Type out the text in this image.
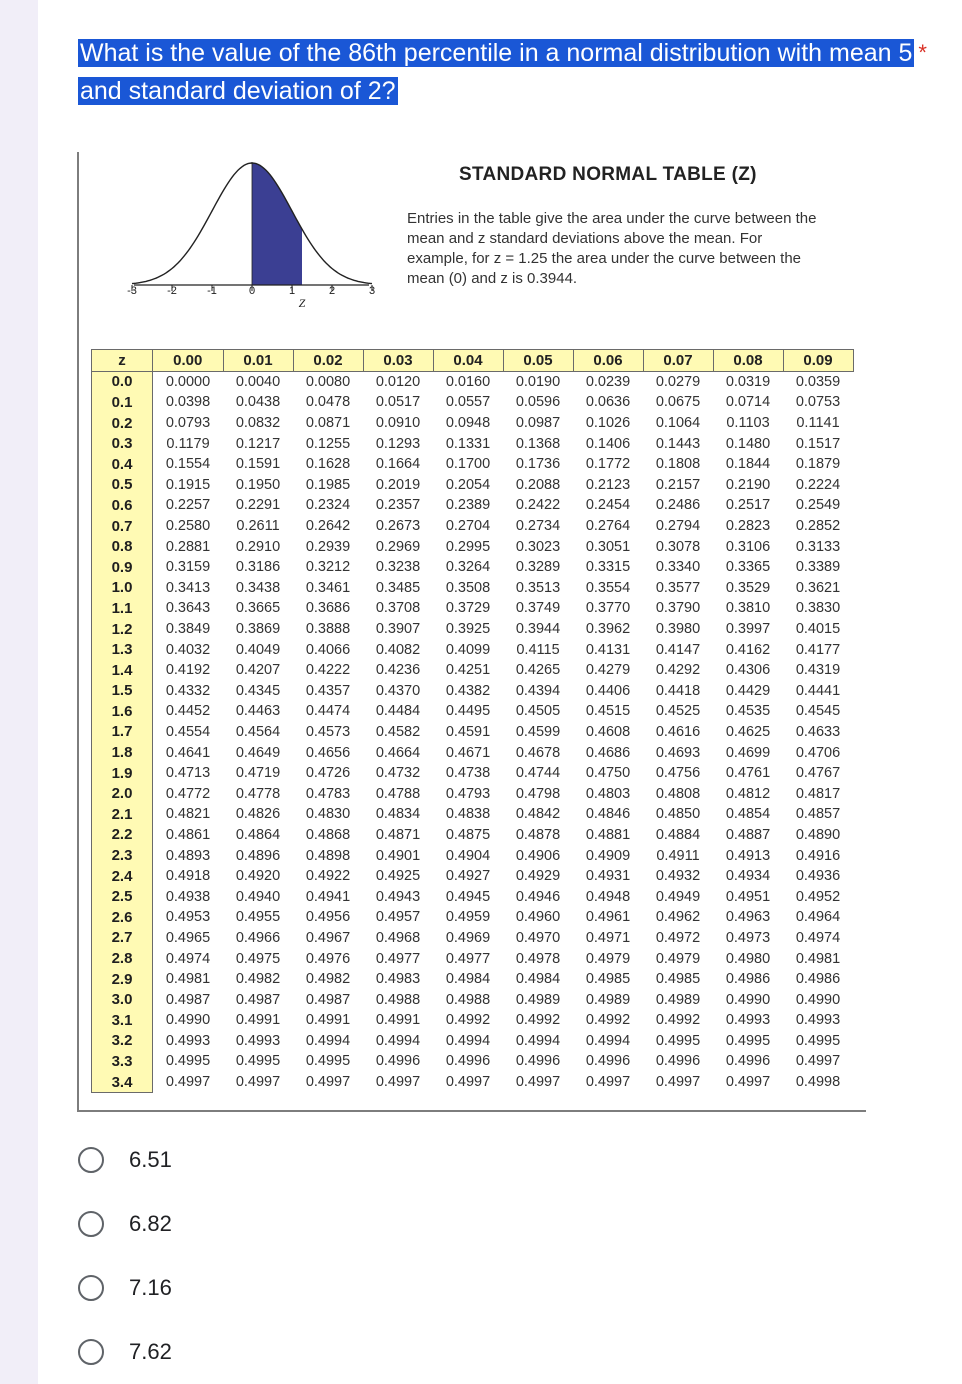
What is the value of the 86th percentile in a normal distribution with mean 5 *
and standard deviation of 2?
-3	-2	-1	0	1	2	3
Z
STANDARD NORMAL TABLE (Z)
Entries in the table give the area under the curve between the mean and z standard deviations above the mean. For example, for z = 1.25 the area under the curve between the mean (0) and z is 0.3944.
z	0.00	0.01	0.02	0.03	0.04	0.05	0.06	0.07	0.08	0.09
0.0	0.0000	0.0040	0.0080	0.0120	0.0160	0.0190	0.0239	0.0279	0.0319	0.0359
0.1	0.0398	0.0438	0.0478	0.0517	0.0557	0.0596	0.0636	0.0675	0.0714	0.0753
0.2	0.0793	0.0832	0.0871	0.0910	0.0948	0.0987	0.1026	0.1064	0.1103	0.1141
0.3	0.1179	0.1217	0.1255	0.1293	0.1331	0.1368	0.1406	0.1443	0.1480	0.1517
0.4	0.1554	0.1591	0.1628	0.1664	0.1700	0.1736	0.1772	0.1808	0.1844	0.1879
0.5	0.1915	0.1950	0.1985	0.2019	0.2054	0.2088	0.2123	0.2157	0.2190	0.2224
0.6	0.2257	0.2291	0.2324	0.2357	0.2389	0.2422	0.2454	0.2486	0.2517	0.2549
0.7	0.2580	0.2611	0.2642	0.2673	0.2704	0.2734	0.2764	0.2794	0.2823	0.2852
0.8	0.2881	0.2910	0.2939	0.2969	0.2995	0.3023	0.3051	0.3078	0.3106	0.3133
0.9	0.3159	0.3186	0.3212	0.3238	0.3264	0.3289	0.3315	0.3340	0.3365	0.3389
1.0	0.3413	0.3438	0.3461	0.3485	0.3508	0.3513	0.3554	0.3577	0.3529	0.3621
1.1	0.3643	0.3665	0.3686	0.3708	0.3729	0.3749	0.3770	0.3790	0.3810	0.3830
1.2	0.3849	0.3869	0.3888	0.3907	0.3925	0.3944	0.3962	0.3980	0.3997	0.4015
1.3	0.4032	0.4049	0.4066	0.4082	0.4099	0.4115	0.4131	0.4147	0.4162	0.4177
1.4	0.4192	0.4207	0.4222	0.4236	0.4251	0.4265	0.4279	0.4292	0.4306	0.4319
1.5	0.4332	0.4345	0.4357	0.4370	0.4382	0.4394	0.4406	0.4418	0.4429	0.4441
1.6	0.4452	0.4463	0.4474	0.4484	0.4495	0.4505	0.4515	0.4525	0.4535	0.4545
1.7	0.4554	0.4564	0.4573	0.4582	0.4591	0.4599	0.4608	0.4616	0.4625	0.4633
1.8	0.4641	0.4649	0.4656	0.4664	0.4671	0.4678	0.4686	0.4693	0.4699	0.4706
1.9	0.4713	0.4719	0.4726	0.4732	0.4738	0.4744	0.4750	0.4756	0.4761	0.4767
2.0	0.4772	0.4778	0.4783	0.4788	0.4793	0.4798	0.4803	0.4808	0.4812	0.4817
2.1	0.4821	0.4826	0.4830	0.4834	0.4838	0.4842	0.4846	0.4850	0.4854	0.4857
2.2	0.4861	0.4864	0.4868	0.4871	0.4875	0.4878	0.4881	0.4884	0.4887	0.4890
2.3	0.4893	0.4896	0.4898	0.4901	0.4904	0.4906	0.4909	0.4911	0.4913	0.4916
2.4	0.4918	0.4920	0.4922	0.4925	0.4927	0.4929	0.4931	0.4932	0.4934	0.4936
2.5	0.4938	0.4940	0.4941	0.4943	0.4945	0.4946	0.4948	0.4949	0.4951	0.4952
2.6	0.4953	0.4955	0.4956	0.4957	0.4959	0.4960	0.4961	0.4962	0.4963	0.4964
2.7	0.4965	0.4966	0.4967	0.4968	0.4969	0.4970	0.4971	0.4972	0.4973	0.4974
2.8	0.4974	0.4975	0.4976	0.4977	0.4977	0.4978	0.4979	0.4979	0.4980	0.4981
2.9	0.4981	0.4982	0.4982	0.4983	0.4984	0.4984	0.4985	0.4985	0.4986	0.4986
3.0	0.4987	0.4987	0.4987	0.4988	0.4988	0.4989	0.4989	0.4989	0.4990	0.4990
3.1	0.4990	0.4991	0.4991	0.4991	0.4992	0.4992	0.4992	0.4992	0.4993	0.4993
3.2	0.4993	0.4993	0.4994	0.4994	0.4994	0.4994	0.4994	0.4995	0.4995	0.4995
3.3	0.4995	0.4995	0.4995	0.4996	0.4996	0.4996	0.4996	0.4996	0.4996	0.4997
3.4	0.4997	0.4997	0.4997	0.4997	0.4997	0.4997	0.4997	0.4997	0.4997	0.4998
6.51
6.82
7.16
7.62
